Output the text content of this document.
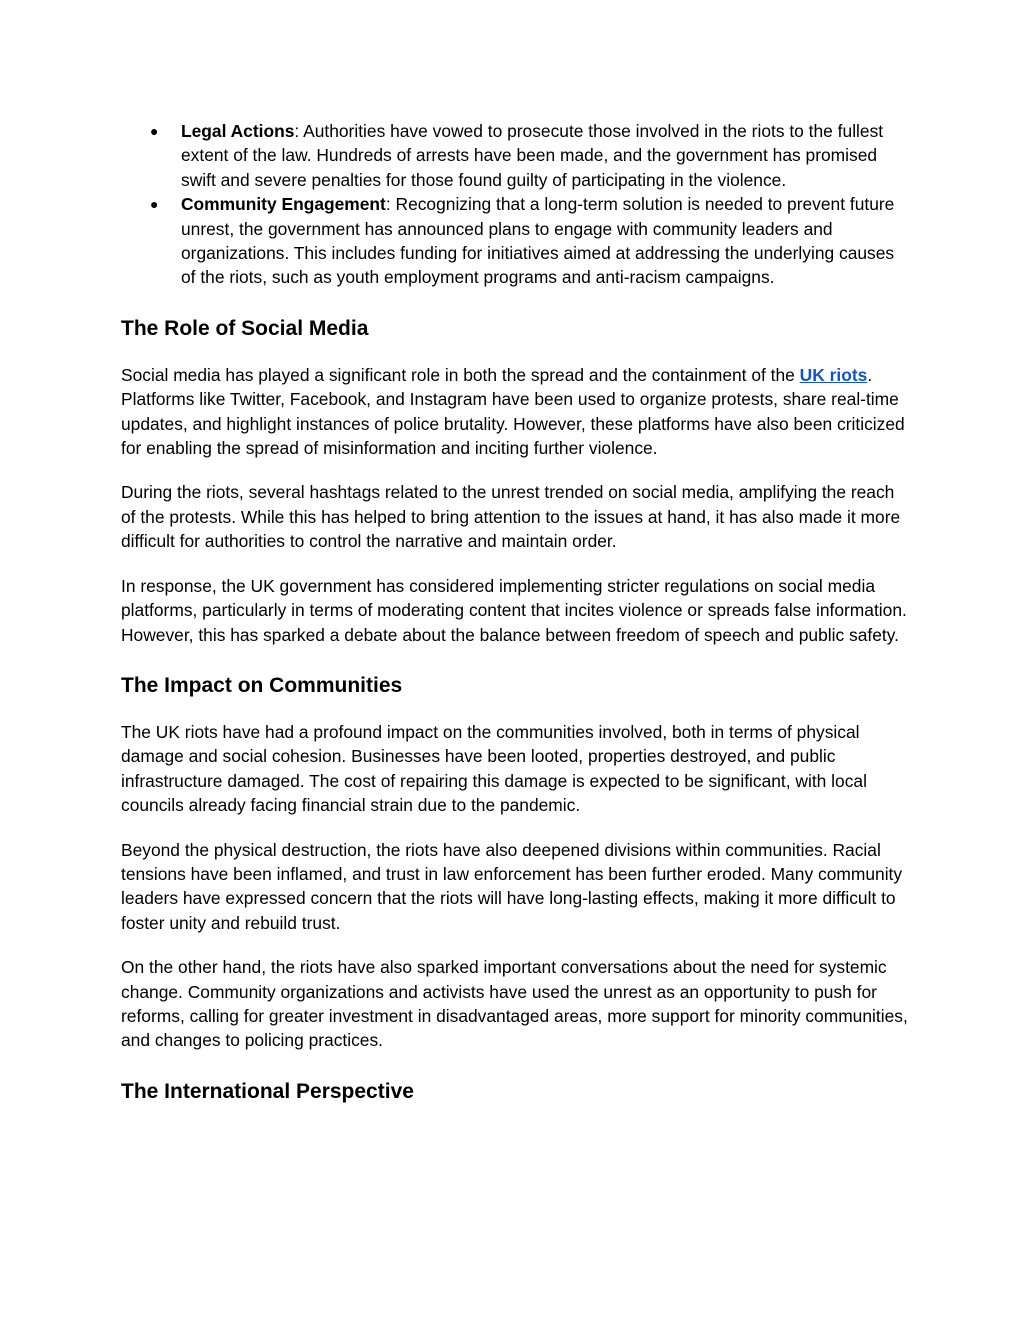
● Legal Actions: Authorities have vowed to prosecute those involved in the riots to the fullest extent of the law. Hundreds of arrests have been made, and the government has promised swift and severe penalties for those found guilty of participating in the violence.
● Community Engagement: Recognizing that a long-term solution is needed to prevent future unrest, the government has announced plans to engage with community leaders and organizations. This includes funding for initiatives aimed at addressing the underlying causes of the riots, such as youth employment programs and anti-racism campaigns.
The Role of Social Media

Social media has played a significant role in both the spread and the containment of the UK riots. Platforms like Twitter, Facebook, and Instagram have been used to organize protests, share real-time updates, and highlight instances of police brutality. However, these platforms have also been criticized for enabling the spread of misinformation and inciting further violence.

During the riots, several hashtags related to the unrest trended on social media, amplifying the reach of the protests. While this has helped to bring attention to the issues at hand, it has also made it more difficult for authorities to control the narrative and maintain order.

In response, the UK government has considered implementing stricter regulations on social media platforms, particularly in terms of moderating content that incites violence or spreads false information. However, this has sparked a debate about the balance between freedom of speech and public safety.

The Impact on Communities

The UK riots have had a profound impact on the communities involved, both in terms of physical damage and social cohesion. Businesses have been looted, properties destroyed, and public infrastructure damaged. The cost of repairing this damage is expected to be significant, with local councils already facing financial strain due to the pandemic.

Beyond the physical destruction, the riots have also deepened divisions within communities. Racial tensions have been inflamed, and trust in law enforcement has been further eroded. Many community leaders have expressed concern that the riots will have long-lasting effects, making it more difficult to foster unity and rebuild trust.

On the other hand, the riots have also sparked important conversations about the need for systemic change. Community organizations and activists have used the unrest as an opportunity to push for reforms, calling for greater investment in disadvantaged areas, more support for minority communities, and changes to policing practices.

The International Perspective
